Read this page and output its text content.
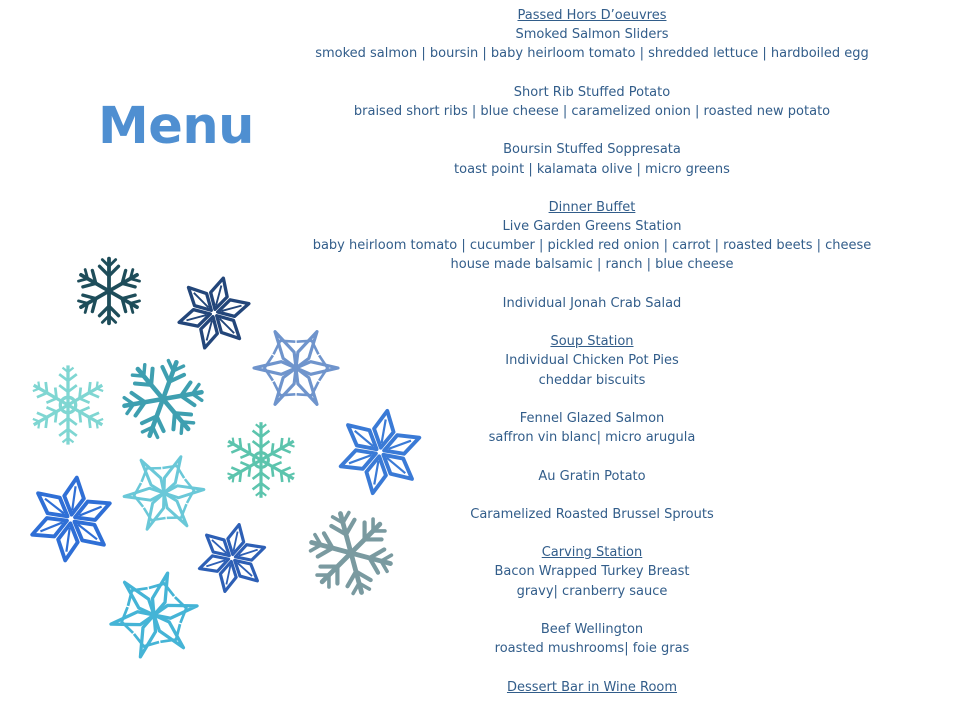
Menu
Passed Hors D’oeuvres
Smoked Salmon Sliders
smoked salmon | boursin | baby heirloom tomato | shredded lettuce | hardboiled egg
Short Rib Stuffed Potato
braised short ribs | blue cheese | caramelized onion | roasted new potato
Boursin Stuffed Soppresata
toast point | kalamata olive | micro greens
Dinner Buffet
Live Garden Greens Station
baby heirloom tomato | cucumber | pickled red onion | carrot | roasted beets | cheese
house made balsamic | ranch | blue cheese
Individual Jonah Crab Salad
Soup Station
Individual Chicken Pot Pies
cheddar biscuits
Fennel Glazed Salmon
saffron vin blanc| micro arugula
Au Gratin Potato
Caramelized Roasted Brussel Sprouts
Carving Station
Bacon Wrapped Turkey Breast
gravy| cranberry sauce
Beef Wellington
roasted mushrooms| foie gras
Dessert Bar in Wine Room
